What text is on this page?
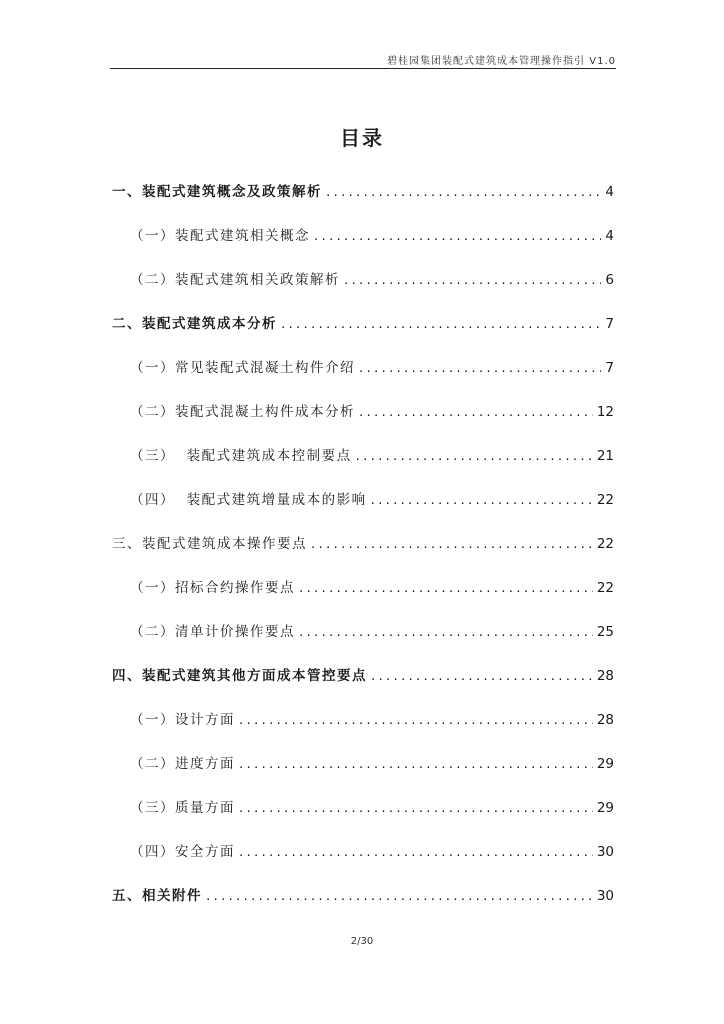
碧桂园集团装配式建筑成本管理操作指引 V1.0
目录
一、装配式建筑概念及政策解析 .....	4
（一）装配式建筑相关概念 .....	4
（二）装配式建筑相关政策解析 .....	6
二、装配式建筑成本分析 .....	7
（一）常见装配式混凝土构件介绍 .....	7
（二）装配式混凝土构件成本分析 .....	12
（三）  装配式建筑成本控制要点 .....	21
（四）  装配式建筑增量成本的影响 .....	22
三、装配式建筑成本操作要点 .....	22
（一）招标合约操作要点 .....	22
（二）清单计价操作要点 .....	25
四、装配式建筑其他方面成本管控要点 .....	28
（一）设计方面 .....	28
（二）进度方面 .....	29
（三）质量方面 .....	29
（四）安全方面 .....	30
五、相关附件 .....	30
2/30
